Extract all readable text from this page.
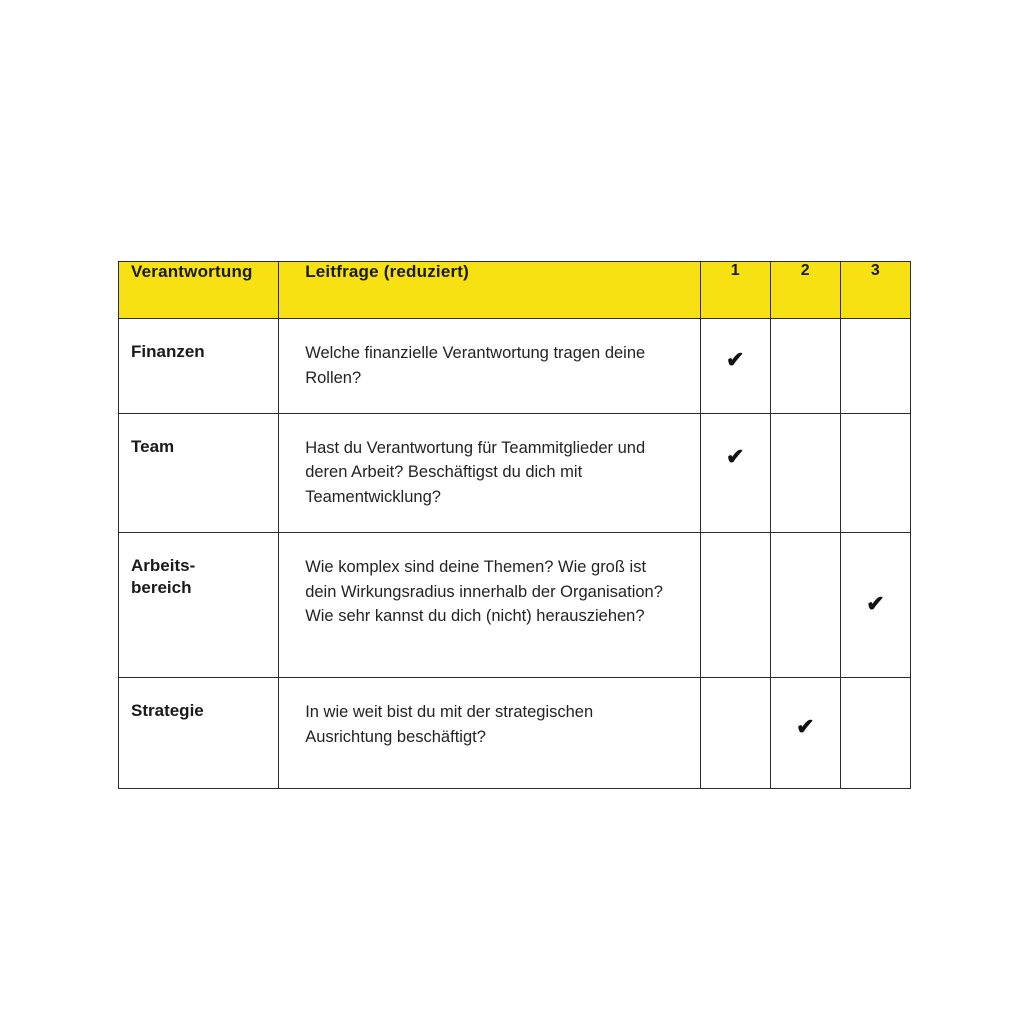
Verantwortung	Leitfrage (reduziert)	1	2	3

Finanzen	Welche finanzielle Verantwortung tragen deine Rollen?	✔		

Team	Hast du Verantwortung für Teammitglieder und deren Arbeit? Beschäftigst du dich mit Teamentwicklung?	✔		

Arbeits-
bereich	Wie komplex sind deine Themen? Wie groß ist dein Wirkungsradius innerhalb der Organisation? Wie sehr kannst du dich (nicht) herausziehen?			✔

Strategie	In wie weit bist du mit der strategischen Ausrichtung beschäftigt?		✔	
